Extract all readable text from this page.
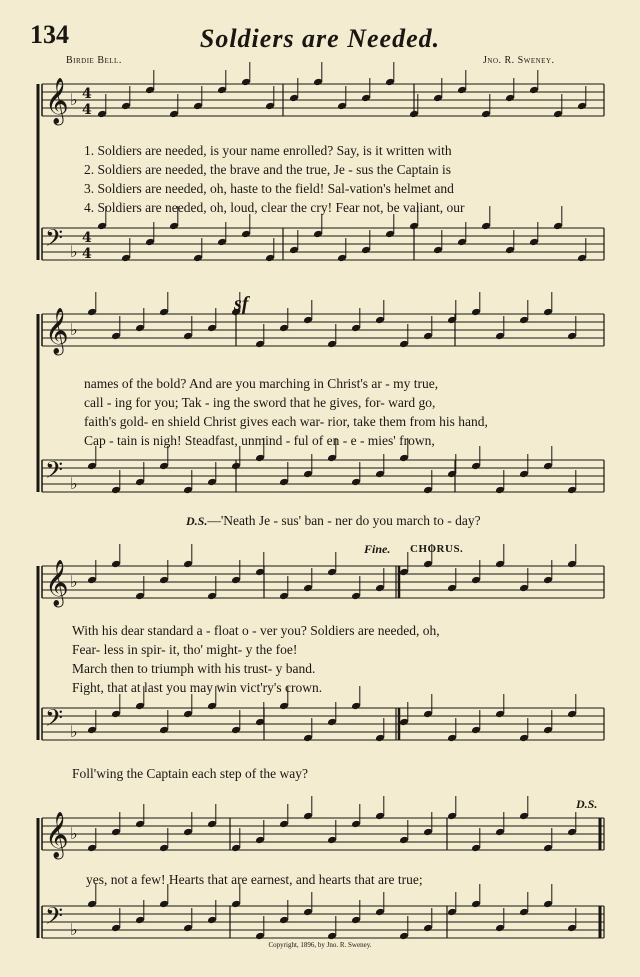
134	Soldiers are Needed.
Birdie Bell.	Jno. R. Sweney.
𝄞 ♭ 4
4
𝄢 ♭
4
4
𝄞 ♭
𝄢 ♭
𝄞 ♭
𝄢 ♭
𝄞 ♭
𝄢 ♭
1. Soldiers are needed, is your name enrolled? Say, is it written with
2. Soldiers are needed, the brave and the true, Je - sus the Captain is
3. Soldiers are needed, oh, haste to the field! Sal-vation's helmet and
4. Soldiers are needed, oh, loud, clear the cry! Fear not, be valiant, our
sf
names of the bold? And are you marching in Christ's ar - my true,
call - ing for you; Tak - ing the sword that he gives, for- ward go,
faith's gold- en shield Christ gives each war- rior, take them from his hand,
Cap - tain is nigh! Steadfast, unmind - ful of en - e - mies' frown,
D.S.—'Neath Je - sus' ban - ner do you march to - day?
Fine. CHORUS.
With his dear standard a - float o - ver you? Soldiers are needed, oh,
Fear- less in spir- it, tho' might- y the foe!
March then to triumph with his trust- y band.
Fight, that at last you may win vict'ry's crown.
Foll'wing the Captain each step of the way?
D.S.
yes, not a few! Hearts that are earnest, and hearts that are true;
Copyright, 1896, by Jno. R. Sweney.
